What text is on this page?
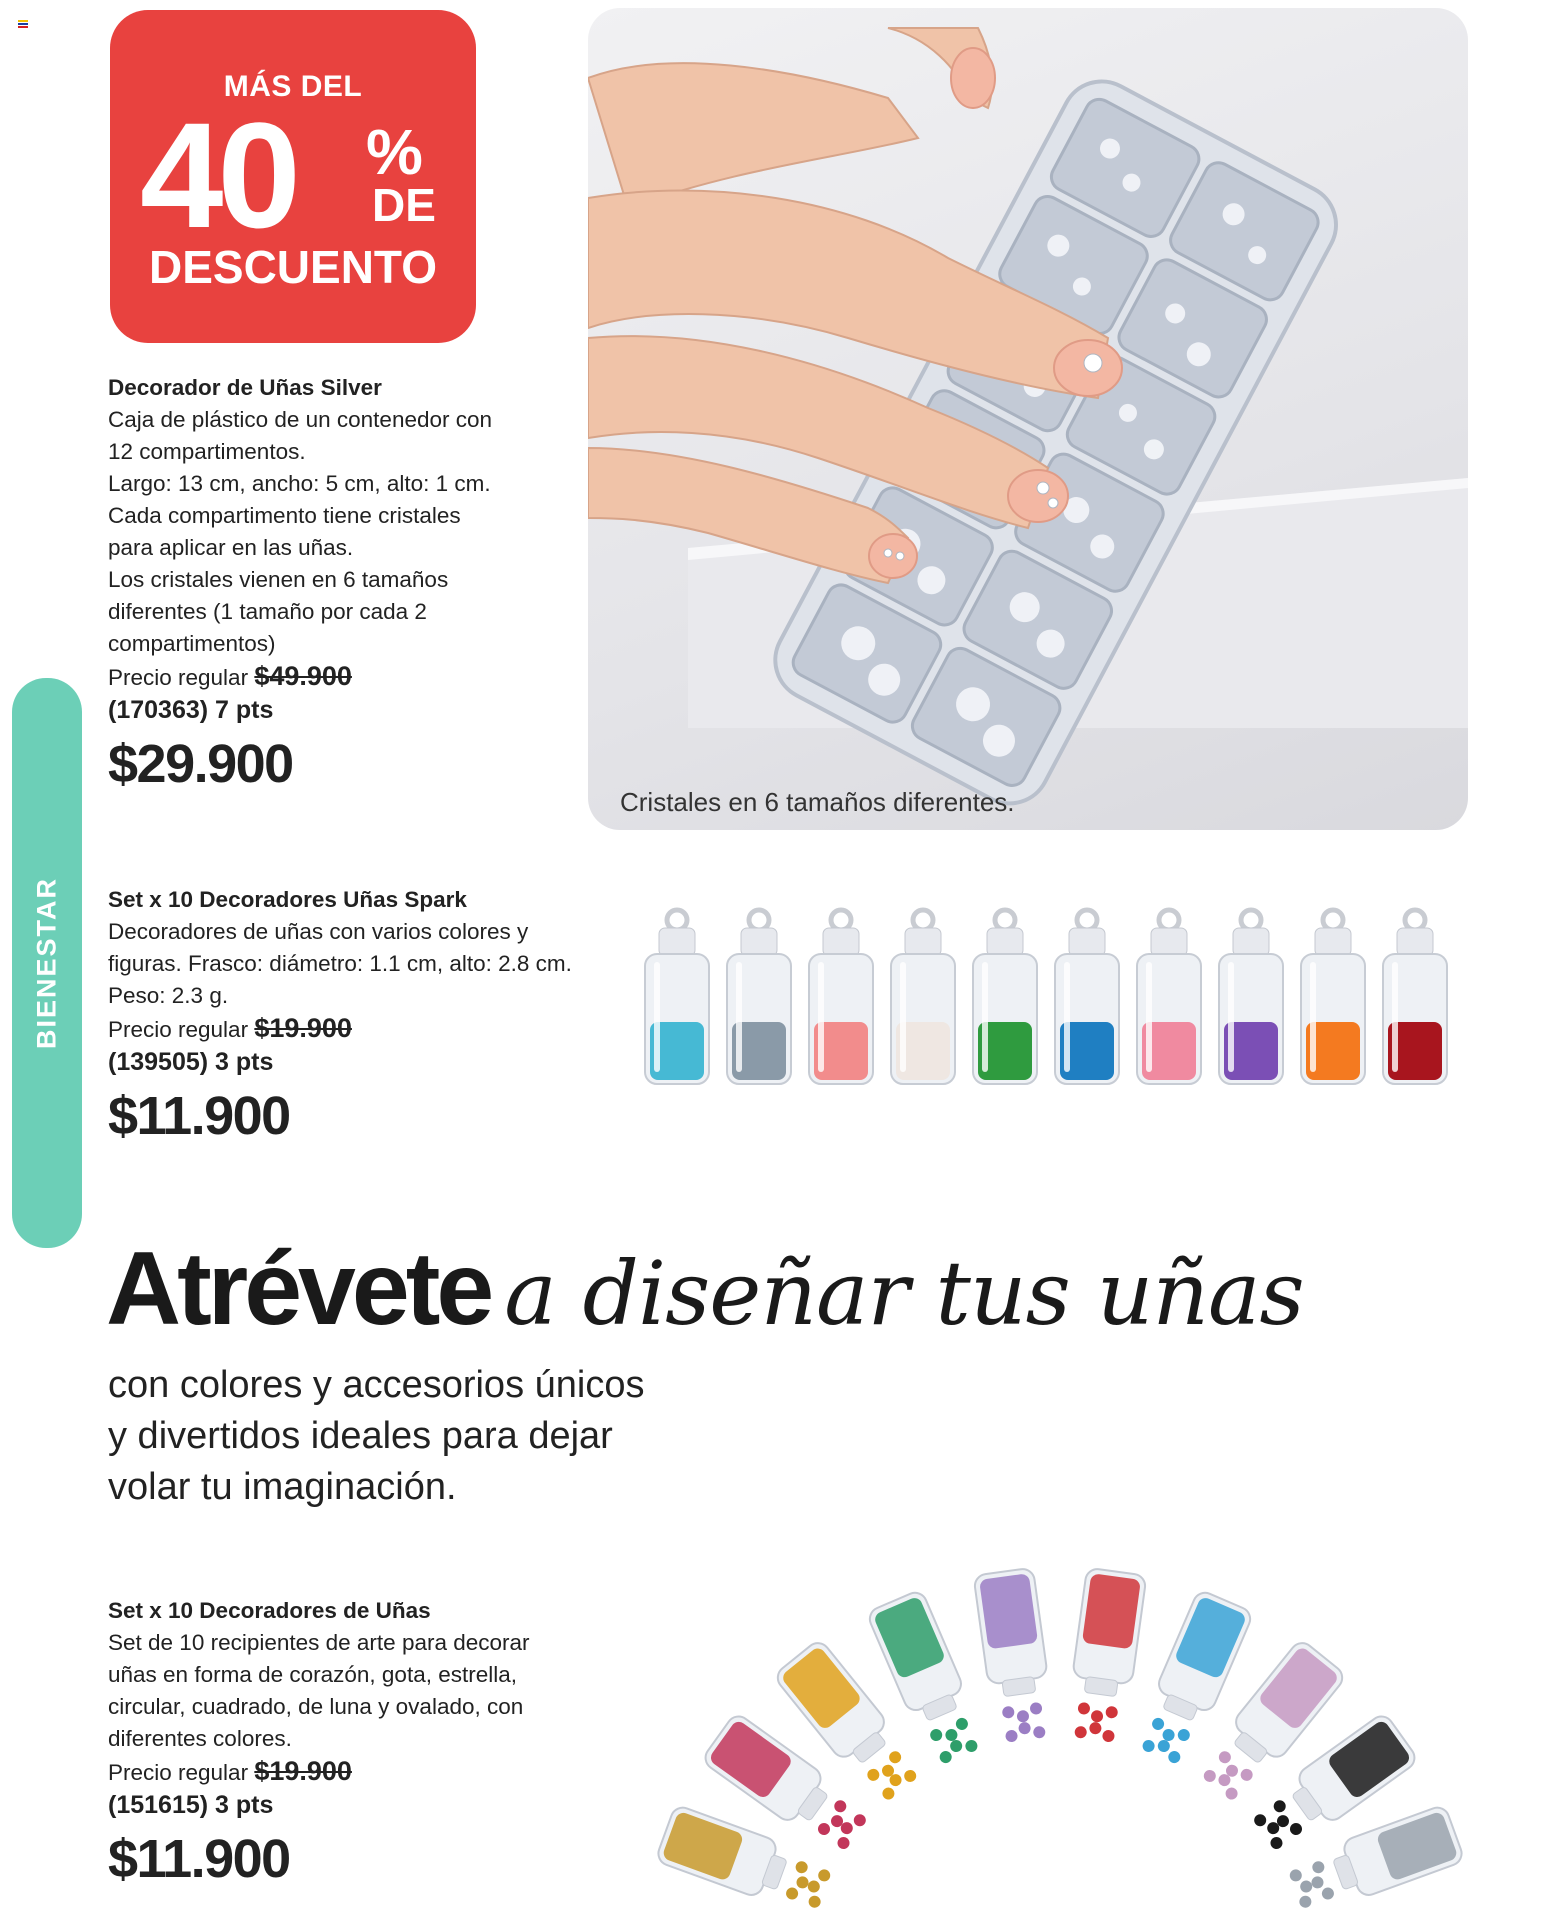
MÁS DEL
40 %
DE
DESCUENTO
BIENESTAR
Decorador de Uñas Silver
Caja de plástico de un contenedor con
12 compartimentos.
Largo: 13 cm, ancho: 5 cm, alto: 1 cm.
Cada compartimento tiene cristales
para aplicar en las uñas.
Los cristales vienen en 6 tamaños
diferentes (1 tamaño por cada 2
compartimentos)
Precio regular $49.900
(170363) 7 pts
$29.900
Set x 10 Decoradores Uñas Spark
Decoradores de uñas con varios colores y
figuras. Frasco: diámetro: 1.1 cm, alto: 2.8 cm.
Peso: 2.3 g.
Precio regular $19.900
(139505) 3 pts
$11.900
Set x 10 Decoradores de Uñas
Set de 10 recipientes de arte para decorar
uñas en forma de corazón, gota, estrella,
circular, cuadrado, de luna y ovalado, con
diferentes colores.
Precio regular $19.900
(151615) 3 pts
$11.900
Cristales en 6 tamaños diferentes.
Atrévete a diseñar tus uñas
con colores y accesorios únicos
y divertidos ideales para dejar
volar tu imaginación.
